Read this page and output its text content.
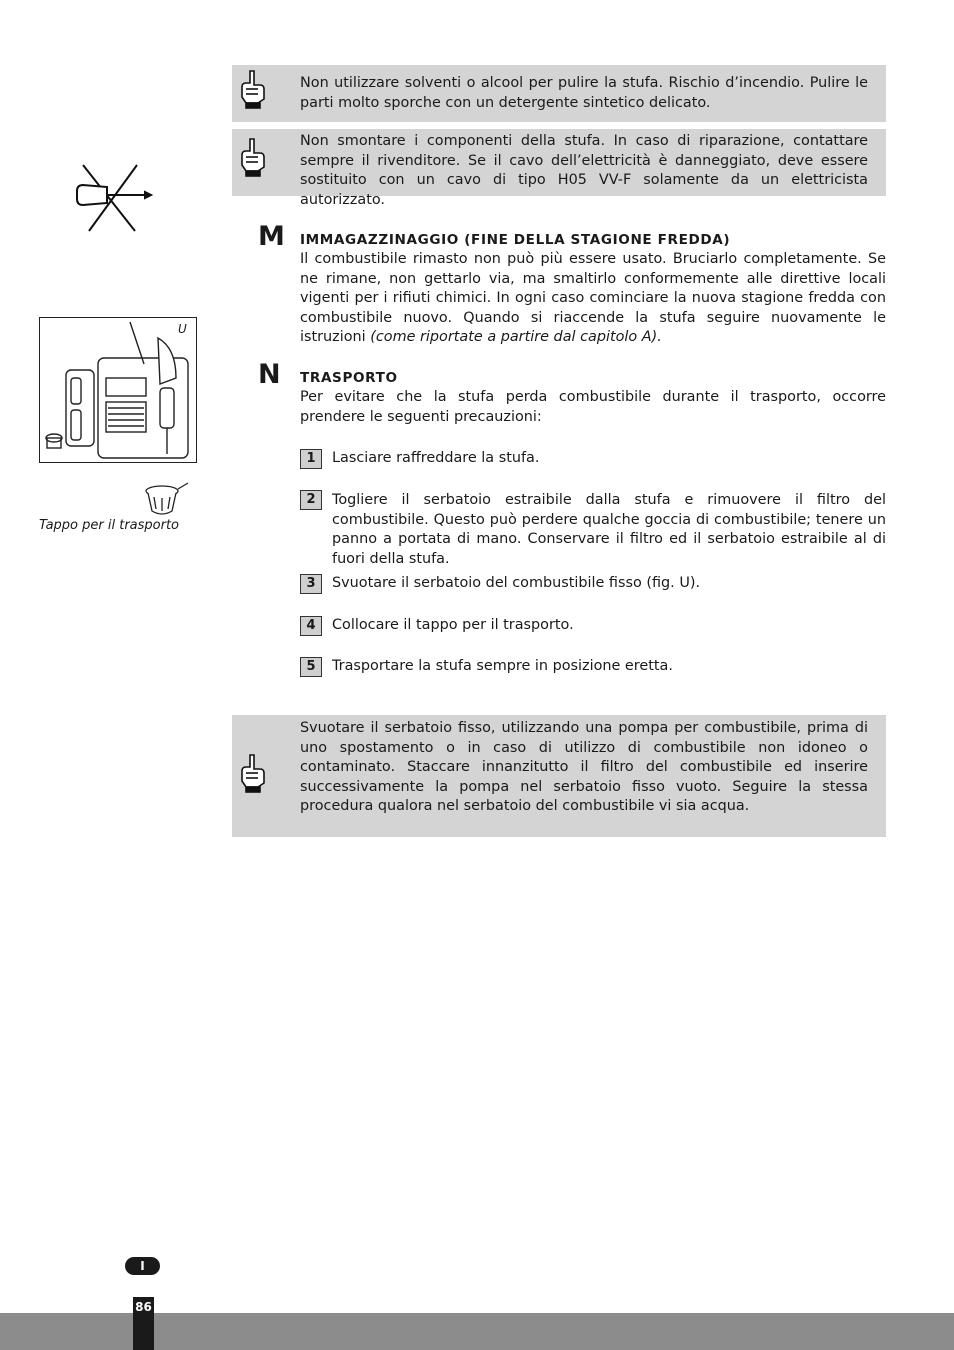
U
Tappo per il trasporto

Non utilizzare solventi o alcool per pulire la stufa. Rischio d’incendio. Pulire le parti molto sporche con un detergente sintetico delicato.

Non smontare i componenti della stufa. In caso di riparazione, contattare sempre il rivenditore. Se il cavo dell’elettricità è danneggiato, deve essere sostituito con un cavo di tipo H05 VV-F solamente da un elettricista autorizzato.

M IMMAGAZZINAGGIO (FINE DELLA STAGIONE FREDDA)
Il combustibile rimasto non può più essere usato. Bruciarlo completamente. Se ne rimane, non gettarlo via, ma smaltirlo conformemente alle direttive locali vigenti per i rifiuti chimici. In ogni caso cominciare la nuova stagione fredda con combustibile nuovo. Quando si riaccende la stufa seguire nuovamente le istruzioni (come riportate a partire dal capitolo A).
N TRASPORTO
Per evitare che la stufa perda combustibile durante il trasporto, occorre prendere le seguenti precauzioni:
1	Lasciare raffreddare la stufa.
2	Togliere il serbatoio estraibile dalla stufa e rimuovere il filtro del combustibile. Questo può perdere qualche goccia di combustibile; tenere un panno a portata di mano. Conservare il filtro ed il serbatoio estraibile al di fuori della stufa.
3	Svuotare il serbatoio del combustibile fisso (fig. U).
4	Collocare il tappo per il trasporto.
5	Trasportare la stufa sempre in posizione eretta.

Svuotare il serbatoio fisso, utilizzando una pompa per combustibile, prima di uno spostamento o in caso di utilizzo di combustibile non idoneo o contaminato. Staccare innanzitutto il filtro del combustibile ed inserire successivamente la pompa nel serbatoio fisso vuoto. Seguire la stessa procedura qualora nel serbatoio del combustibile vi sia acqua.

I
86
